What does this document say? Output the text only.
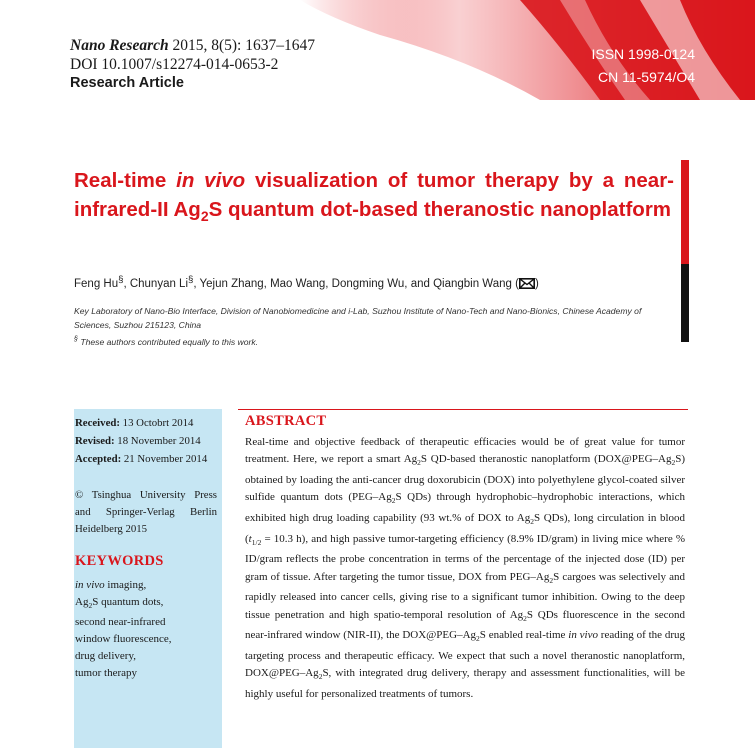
Nano Research 2015, 8(5): 1637–1647
DOI 10.1007/s12274-014-0653-2
Research Article
ISSN 1998-0124
CN 11-5974/O4
Real-time in vivo visualization of tumor therapy by a near-infrared-II $Ag_2S$ quantum dot-based theranostic nanoplatform
Feng Hu§, Chunyan Li§, Yejun Zhang, Mao Wang, Dongming Wu, and Qiangbin Wang ( )
Key Laboratory of Nano-Bio Interface, Division of Nanobiomedicine and i-Lab, Suzhou Institute of Nano-Tech and Nano-Bionics, Chinese Academy of Sciences, Suzhou 215123, China
§ These authors contributed equally to this work.
Received: 13 Octobrt 2014
Revised: 18 November 2014
Accepted: 21 November 2014
© Tsinghua University Press and Springer-Verlag Berlin Heidelberg 2015
KEYWORDS
in vivo imaging,
$Ag_2S$ quantum dots,
second near-infrared
window fluorescence,
drug delivery,
tumor therapy
ABSTRACT

Real-time and objective feedback of therapeutic efficacies would be of great value for tumor treatment. Here, we report a smart $Ag_2S$ QD-based theranostic nanoplatform $(DOX@PEG-Ag_2S)$ obtained by loading the anti-cancer drug doxorubicin (DOX) into polyethylene glycol-coated silver sulfide quantum dots ($PEG-Ag_2S$ QDs) through hydrophobic–hydrophobic interactions, which exhibited high drug loading capability (93 wt.% of DOX to $Ag_2S$ QDs), long circulation in blood ($t_{1/2} = 10.3$ h), and high passive tumor-targeting efficiency (8.9% ID/gram) in living mice where % ID/gram reflects the probe concentration in terms of the percentage of the injected dose (ID) per gram of tissue. After targeting the tumor tissue, DOX from PEG–$Ag_2S$ cargoes was selectively and rapidly released into cancer cells, giving rise to a significant tumor inhibition. Owing to the deep tissue penetration and high spatio-temporal resolution of $Ag_2S$ QDs fluorescence in the second near-infrared window (NIR-II), the $DOX@PEG-Ag_2S$ enabled real-time in vivo reading of the drug targeting process and therapeutic efficacy. We expect that such a novel theranostic nanoplatform, $DOX@PEG-Ag_2S$, with integrated drug delivery, therapy and assessment functionalities, will be highly useful for personalized treatments of tumors.
